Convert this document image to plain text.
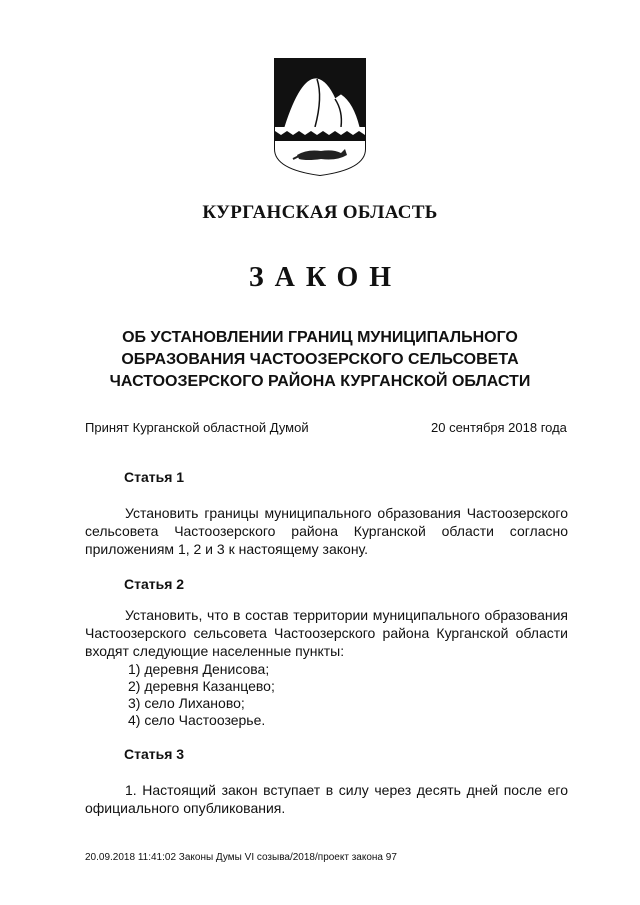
КУРГАНСКАЯ ОБЛАСТЬ
ЗАКОН
ОБ УСТАНОВЛЕНИИ ГРАНИЦ МУНИЦИПАЛЬНОГО
ОБРАЗОВАНИЯ ЧАСТООЗЕРСКОГО СЕЛЬСОВЕТА
ЧАСТООЗЕРСКОГО РАЙОНА КУРГАНСКОЙ ОБЛАСТИ
Принят Курганской областной Думой	20 сентября 2018 года
Статья 1

Установить границы муниципального образования Частоозерского сельсовета Частоозерского района Курганской области согласно приложениям 1, 2 и 3 к настоящему закону.

Статья 2

Установить, что в состав территории муниципального образования Частоозерского сельсовета Частоозерского района Курганской области входят следующие населенные пункты:

1) деревня Денисова;
2) деревня Казанцево;
3) село Лиханово;
4) село Частоозерье.
Статья 3

1. Настоящий закон вступает в силу через десять дней после его официального опубликования.

20.09.2018 11:41:02 Законы Думы VI созыва/2018/проект закона 97
